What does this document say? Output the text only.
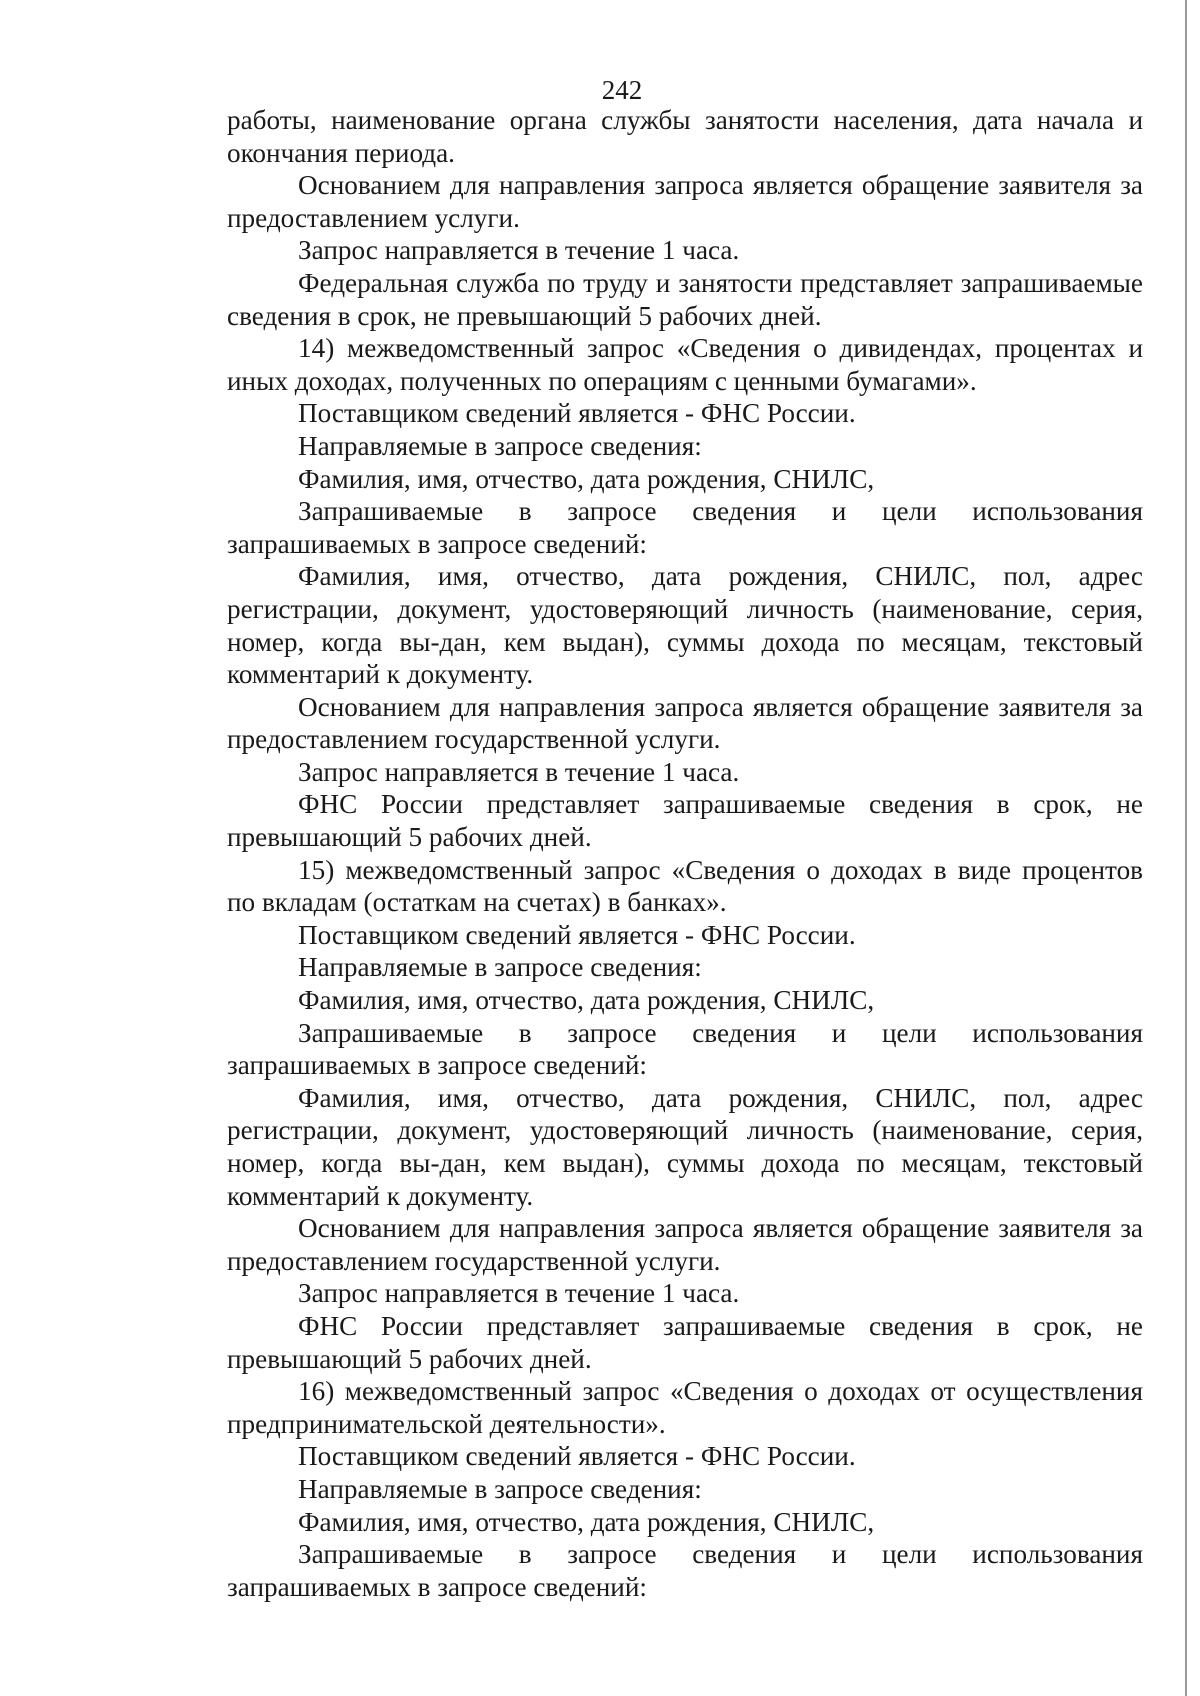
242

работы, наименование органа службы занятости населения, дата начала и окончания периода.

Основанием для направления запроса является обращение заявителя за предоставлением услуги.

Запрос направляется в течение 1 часа.

Федеральная служба по труду и занятости представляет запрашиваемые сведения в срок, не превышающий 5 рабочих дней.

14) межведомственный запрос «Сведения о дивидендах, процентах и иных доходах, полученных по операциям с ценными бумагами».

Поставщиком сведений является - ФНС России.

Направляемые в запросе сведения:

Фамилия, имя, отчество, дата рождения, СНИЛС,

Запрашиваемые в запросе сведения и цели использования запрашиваемых в запросе сведений:

Фамилия, имя, отчество, дата рождения, СНИЛС, пол, адрес регистрации, документ, удостоверяющий личность (наименование, серия, номер, когда вы-дан, кем выдан), суммы дохода по месяцам, текстовый комментарий к документу.

Основанием для направления запроса является обращение заявителя за предоставлением государственной услуги.

Запрос направляется в течение 1 часа.

ФНС России представляет запрашиваемые сведения в срок, не превышающий 5 рабочих дней.

15) межведомственный запрос «Сведения о доходах в виде процентов по вкладам (остаткам на счетах) в банках».

Поставщиком сведений является - ФНС России.

Направляемые в запросе сведения:

Фамилия, имя, отчество, дата рождения, СНИЛС,

Запрашиваемые в запросе сведения и цели использования запрашиваемых в запросе сведений:

Фамилия, имя, отчество, дата рождения, СНИЛС, пол, адрес регистрации, документ, удостоверяющий личность (наименование, серия, номер, когда вы-дан, кем выдан), суммы дохода по месяцам, текстовый комментарий к документу.

Основанием для направления запроса является обращение заявителя за предоставлением государственной услуги.

Запрос направляется в течение 1 часа.

ФНС России представляет запрашиваемые сведения в срок, не превышающий 5 рабочих дней.

16) межведомственный запрос «Сведения о доходах от осуществления предпринимательской деятельности».

Поставщиком сведений является - ФНС России.

Направляемые в запросе сведения:

Фамилия, имя, отчество, дата рождения, СНИЛС,

Запрашиваемые в запросе сведения и цели использования запрашиваемых в запросе сведений:
